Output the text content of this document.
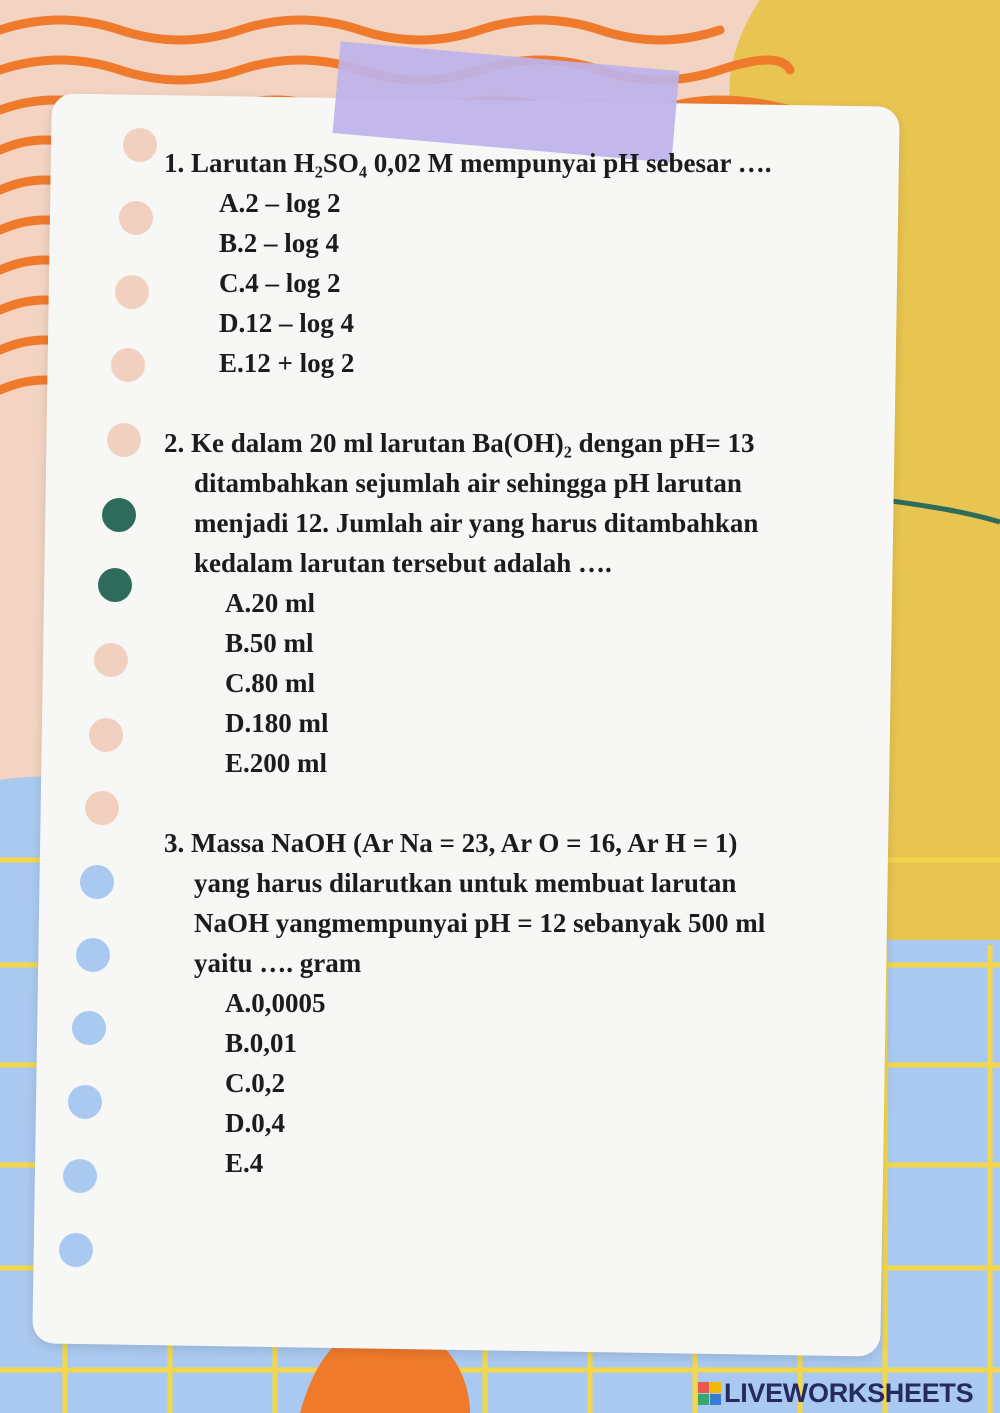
1. Larutan H₂SO₄ 0,02 M mempunyai pH sebesar ….
A.2 – log 2
B.2 – log 4
C.4 – log 2
D.12 – log 4
E.12 + log 2
2. Ke dalam 20 ml larutan Ba(OH)₂ dengan pH= 13
ditambahkan sejumlah air sehingga pH larutan
menjadi 12. Jumlah air yang harus ditambahkan
kedalam larutan tersebut adalah ….
A.20 ml
B.50 ml
C.80 ml
D.180 ml
E.200 ml
3. Massa NaOH (Ar Na = 23, Ar O = 16, Ar H = 1)
yang harus dilarutkan untuk membuat larutan
NaOH yangmempunyai pH = 12 sebanyak 500 ml
yaitu …. gram
A.0,0005
B.0,01
C.0,2
D.0,4
E.4
LIVEWORKSHEETS
